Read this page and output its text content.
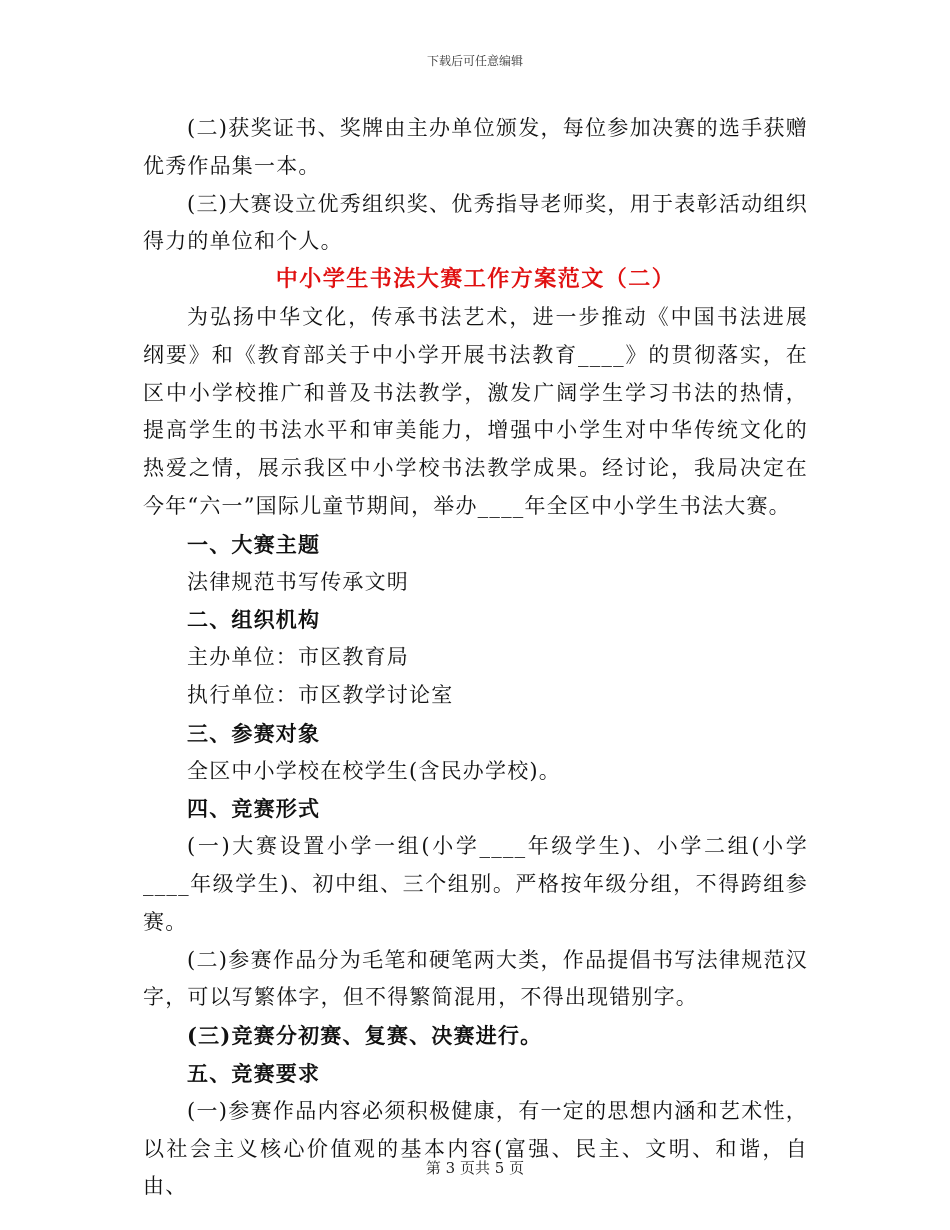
下载后可任意编辑

(二)获奖证书、奖牌由主办单位颁发，每位参加决赛的选手获赠优秀作品集一本。

(三)大赛设立优秀组织奖、优秀指导老师奖，用于表彰活动组织得力的单位和个人。

中小学生书法大赛工作方案范文（二）

为弘扬中华文化，传承书法艺术，进一步推动《中国书法进展纲要》和《教育部关于中小学开展书法教育____》的贯彻落实，在区中小学校推广和普及书法教学，激发广阔学生学习书法的热情，提高学生的书法水平和审美能力，增强中小学生对中华传统文化的热爱之情，展示我区中小学校书法教学成果。经讨论，我局决定在今年“六一”国际儿童节期间，举办____年全区中小学生书法大赛。

一、大赛主题

法律规范书写传承文明

二、组织机构

主办单位：市区教育局

执行单位：市区教学讨论室

三、参赛对象

全区中小学校在校学生(含民办学校)。

四、竞赛形式

(一)大赛设置小学一组(小学____年级学生)、小学二组(小学____年级学生)、初中组、三个组别。严格按年级分组，不得跨组参赛。

(二)参赛作品分为毛笔和硬笔两大类，作品提倡书写法律规范汉字，可以写繁体字，但不得繁简混用，不得出现错别字。

(三)竞赛分初赛、复赛、决赛进行。

五、竞赛要求

(一)参赛作品内容必须积极健康，有一定的思想内涵和艺术性，以社会主义核心价值观的基本内容(富强、民主、文明、和谐，自由、

第 3 页共 5 页
